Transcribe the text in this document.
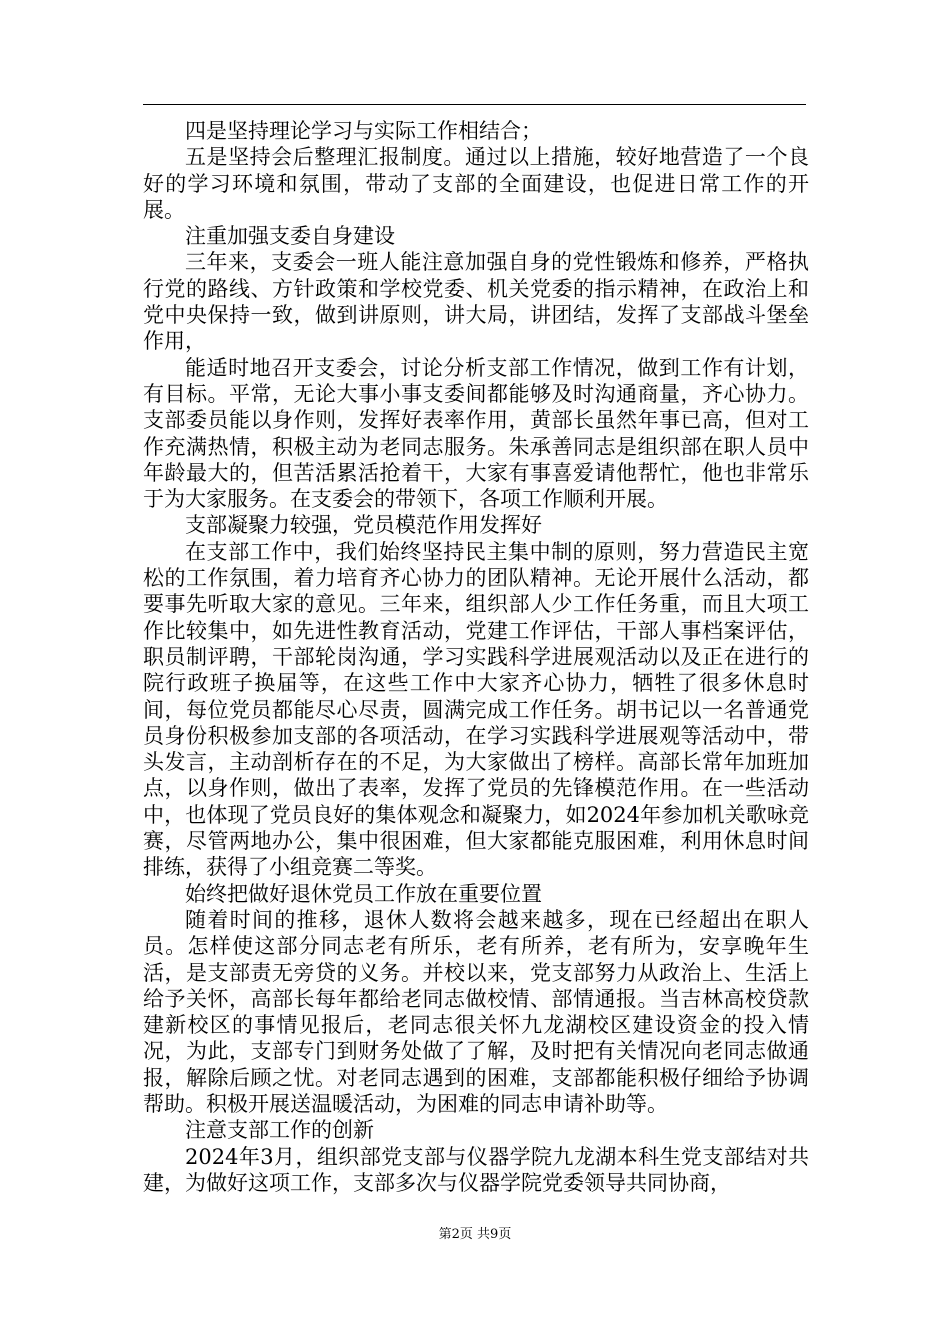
四是坚持理论学习与实际工作相结合；

五是坚持会后整理汇报制度。通过以上措施，较好地营造了一个良好的学习环境和氛围，带动了支部的全面建设，也促进日常工作的开展。

注重加强支委自身建设

三年来，支委会一班人能注意加强自身的党性锻炼和修养，严格执行党的路线、方针政策和学校党委、机关党委的指示精神，在政治上和党中央保持一致，做到讲原则，讲大局，讲团结，发挥了支部战斗堡垒作用，

能适时地召开支委会，讨论分析支部工作情况，做到工作有计划，有目标。平常，无论大事小事支委间都能够及时沟通商量，齐心协力。支部委员能以身作则，发挥好表率作用，黄部长虽然年事已高，但对工作充满热情，积极主动为老同志服务。朱承善同志是组织部在职人员中年龄最大的，但苦活累活抢着干，大家有事喜爱请他帮忙，他也非常乐于为大家服务。在支委会的带领下，各项工作顺利开展。

支部凝聚力较强，党员模范作用发挥好

在支部工作中，我们始终坚持民主集中制的原则，努力营造民主宽松的工作氛围，着力培育齐心协力的团队精神。无论开展什么活动，都要事先听取大家的意见。三年来，组织部人少工作任务重，而且大项工作比较集中，如先进性教育活动，党建工作评估，干部人事档案评估，职员制评聘，干部轮岗沟通，学习实践科学进展观活动以及正在进行的院行政班子换届等，在这些工作中大家齐心协力，牺牲了很多休息时间，每位党员都能尽心尽责，圆满完成工作任务。胡书记以一名普通党员身份积极参加支部的各项活动，在学习实践科学进展观等活动中，带头发言，主动剖析存在的不足，为大家做出了榜样。高部长常年加班加点，以身作则，做出了表率，发挥了党员的先锋模范作用。在一些活动中，也体现了党员良好的集体观念和凝聚力，如2024年参加机关歌咏竞赛，尽管两地办公，集中很困难，但大家都能克服困难，利用休息时间排练，获得了小组竞赛二等奖。

始终把做好退休党员工作放在重要位置

随着时间的推移，退休人数将会越来越多，现在已经超出在职人员。怎样使这部分同志老有所乐，老有所养，老有所为，安享晚年生活，是支部责无旁贷的义务。并校以来，党支部努力从政治上、生活上给予关怀，高部长每年都给老同志做校情、部情通报。当吉林高校贷款建新校区的事情见报后，老同志很关怀九龙湖校区建设资金的投入情况，为此，支部专门到财务处做了了解，及时把有关情况向老同志做通报，解除后顾之忧。对老同志遇到的困难，支部都能积极仔细给予协调帮助。积极开展送温暖活动，为困难的同志申请补助等。

注意支部工作的创新

2024年3月，组织部党支部与仪器学院九龙湖本科生党支部结对共建，为做好这项工作，支部多次与仪器学院党委领导共同协商，

第2页 共9页
